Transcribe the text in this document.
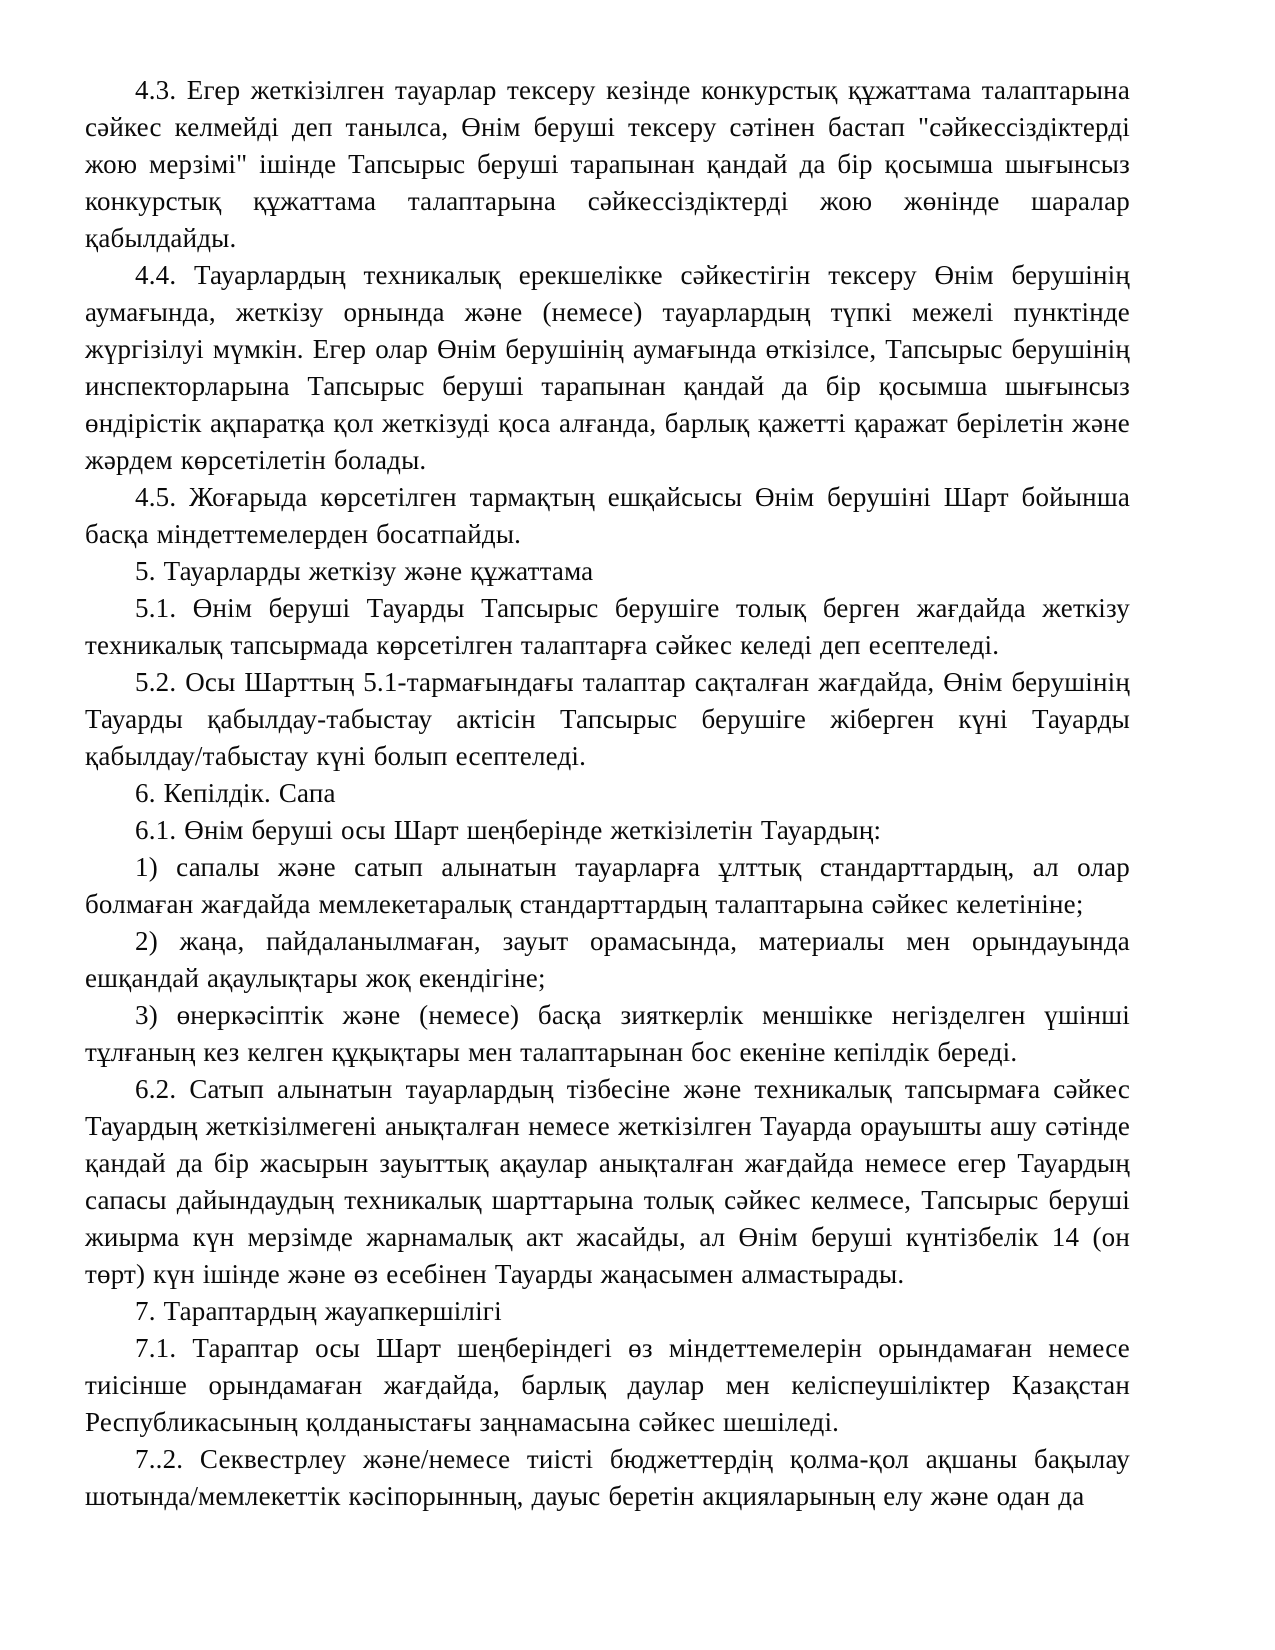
4.3. Егер жеткізілген тауарлар тексеру кезінде конкурстық құжаттама талаптарына сәйкес келмейді деп танылса, Өнім беруші тексеру сәтінен бастап "сәйкессіздіктерді жою мерзімі" ішінде Тапсырыс беруші тарапынан қандай да бір қосымша шығынсыз конкурстық құжаттама талаптарына сәйкессіздіктерді жою жөнінде шаралар қабылдайды.

4.4. Тауарлардың техникалық ерекшелікке сәйкестігін тексеру Өнім берушінің аумағында, жеткізу орнында және (немесе) тауарлардың түпкі межелі пунктінде жүргізілуі мүмкін. Егер олар Өнім берушінің аумағында өткізілсе, Тапсырыс берушінің инспекторларына Тапсырыс беруші тарапынан қандай да бір қосымша шығынсыз өндірістік ақпаратқа қол жеткізуді қоса алғанда, барлық қажетті қаражат берілетін және жәрдем көрсетілетін болады.

4.5. Жоғарыда көрсетілген тармақтың ешқайсысы Өнім берушіні Шарт бойынша басқа міндеттемелерден босатпайды.

5. Тауарларды жеткізу және құжаттама

5.1. Өнім беруші Тауарды Тапсырыс берушіге толық берген жағдайда жеткізу техникалық тапсырмада көрсетілген талаптарға сәйкес келеді деп есептеледі.

5.2. Осы Шарттың 5.1-тармағындағы талаптар сақталған жағдайда, Өнім берушінің Тауарды қабылдау-табыстау актісін Тапсырыс берушіге жіберген күні Тауарды қабылдау/табыстау күні болып есептеледі.

6. Кепілдік. Сапа

6.1. Өнім беруші осы Шарт шеңберінде жеткізілетін Тауардың:

1) сапалы және сатып алынатын тауарларға ұлттық стандарттардың, ал олар болмаған жағдайда мемлекетаралық стандарттардың талаптарына сәйкес келетініне;

2) жаңа, пайдаланылмаған, зауыт орамасында, материалы мен орындауында ешқандай ақаулықтары жоқ екендігіне;

3) өнеркәсіптік және (немесе) басқа зияткерлік меншікке негізделген үшінші тұлғаның кез келген құқықтары мен талаптарынан бос екеніне кепілдік береді.

6.2. Сатып алынатын тауарлардың тізбесіне және техникалық тапсырмаға сәйкес Тауардың жеткізілмегені анықталған немесе жеткізілген Тауарда орауышты ашу сәтінде қандай да бір жасырын зауыттық ақаулар анықталған жағдайда немесе егер Тауардың сапасы дайындаудың техникалық шарттарына толық сәйкес келмесе, Тапсырыс беруші жиырма күн мерзімде жарнамалық акт жасайды, ал Өнім беруші күнтізбелік 14 (он төрт) күн ішінде және өз есебінен Тауарды жаңасымен алмастырады.

7. Тараптардың жауапкершілігі

7.1. Тараптар осы Шарт шеңберіндегі өз міндеттемелерін орындамаған немесе тиісінше орындамаған жағдайда, барлық даулар мен келіспеушіліктер Қазақстан Республикасының қолданыстағы заңнамасына сәйкес шешіледі.

7..2. Секвестрлеу және/немесе тиісті бюджеттердің қолма-қол ақшаны бақылау шотында/мемлекеттік кәсіпорынның, дауыс беретін акцияларының елу және одан да
